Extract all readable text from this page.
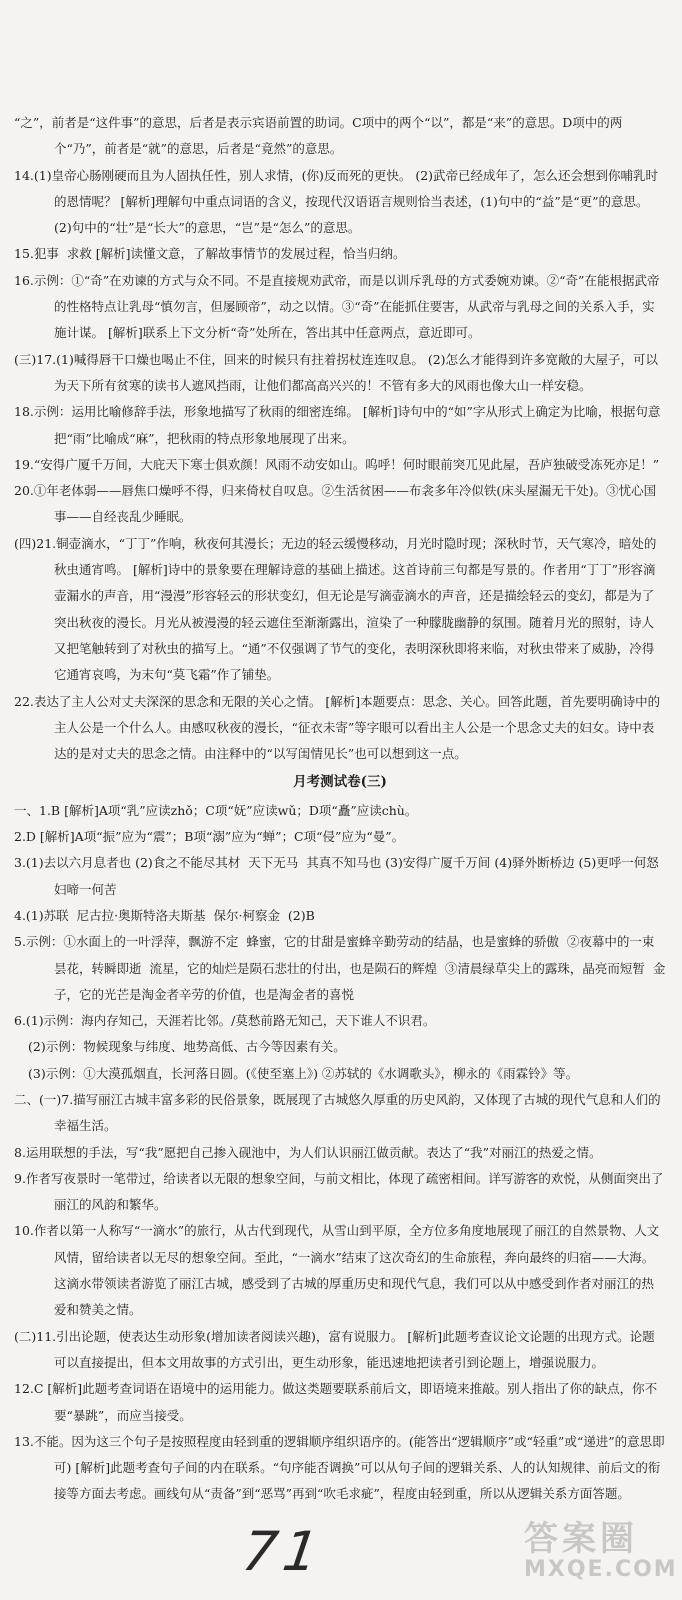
“之”，前者是“这件事”的意思，后者是表示宾语前置的助词。C项中的两个“以”，都是“来”的意思。D项中的两个“乃”，前者是“就”的意思，后者是“竟然”的意思。

14.(1)皇帝心肠刚硬而且为人固执任性，别人求情，(你)反而死的更快。 (2)武帝已经成年了，怎么还会想到你哺乳时的恩情呢？ [解析]理解句中重点词语的含义，按现代汉语语言规则恰当表述，(1)句中的“益”是“更”的意思。(2)句中的“壮”是“长大”的意思，“岂”是“怎么”的意思。

15.犯事  求救 [解析]读懂文意，了解故事情节的发展过程，恰当归纳。

16.示例：①“奇”在劝谏的方式与众不同。不是直接规劝武帝，而是以训斥乳母的方式委婉劝谏。②“奇”在能根据武帝的性格特点让乳母“慎勿言，但屡顾帝”，动之以情。③“奇”在能抓住要害，从武帝与乳母之间的关系入手，实施计谋。 [解析]联系上下文分析“奇”处所在，答出其中任意两点，意近即可。

(三)17.(1)喊得唇干口燥也喝止不住，回来的时候只有拄着拐杖连连叹息。 (2)怎么才能得到许多宽敞的大屋子，可以为天下所有贫寒的读书人遮风挡雨，让他们都高高兴兴的！不管有多大的风雨也像大山一样安稳。

18.示例：运用比喻修辞手法，形象地描写了秋雨的细密连绵。 [解析]诗句中的“如”字从形式上确定为比喻，根据句意把“雨”比喻成“麻”，把秋雨的特点形象地展现了出来。

19.“安得广厦千万间，大庇天下寒士俱欢颜！风雨不动安如山。呜呼！何时眼前突兀见此屋，吾庐独破受冻死亦足！”

20.①年老体弱——唇焦口燥呼不得，归来倚杖自叹息。②生活贫困——布衾多年冷似铁(床头屋漏无干处)。③忧心国事——自经丧乱少睡眠。

(四)21.铜壶滴水，“丁丁”作响，秋夜何其漫长；无边的轻云缓慢移动，月光时隐时现；深秋时节，天气寒冷，暗处的秋虫通宵鸣。 [解析]诗中的景象要在理解诗意的基础上描述。这首诗前三句都是写景的。作者用“丁丁”形容滴壶漏水的声音，用“漫漫”形容轻云的形状变幻，但无论是写滴壶滴水的声音，还是描绘轻云的变幻，都是为了突出秋夜的漫长。月光从被漫漫的轻云遮住至渐渐露出，渲染了一种朦胧幽静的氛围。随着月光的照射，诗人又把笔触转到了对秋虫的描写上。“通”不仅强调了节气的变化，表明深秋即将来临，对秋虫带来了威胁，冷得它通宵哀鸣，为末句“莫飞霜”作了铺垫。

22.表达了主人公对丈夫深深的思念和无限的关心之情。 [解析]本题要点：思念、关心。回答此题，首先要明确诗中的主人公是一个什么人。由感叹秋夜的漫长，“征衣未寄”等字眼可以看出主人公是一个思念丈夫的妇女。诗中表达的是对丈夫的思念之情。由注释中的“以写闺情见长”也可以想到这一点。

月考测试卷(三)

一、1.B [解析]A项“乳”应读zhǒ；C项“妩”应读wǔ；D项“矗”应读chù。

2.D [解析]A项“振”应为“震”；B项“溺”应为“蝉”；C项“侵”应为“曼”。

3.(1)去以六月息者也 (2)食之不能尽其材  天下无马  其真不知马也 (3)安得广厦千万间 (4)驿外断桥边 (5)更呼一何怒  妇啼一何苦

4.(1)苏联  尼古拉·奥斯特洛夫斯基  保尔·柯察金  (2)B

5.示例：①水面上的一叶浮萍，飘游不定  蜂蜜，它的甘甜是蜜蜂辛勤劳动的结晶，也是蜜蜂的骄傲  ②夜幕中的一束昙花，转瞬即逝  流星，它的灿烂是陨石悲壮的付出，也是陨石的辉煌  ③清晨绿草尖上的露珠，晶亮而短暂  金子，它的光芒是淘金者辛劳的价值，也是淘金者的喜悦

6.(1)示例：海内存知己，天涯若比邻。/莫愁前路无知己，天下谁人不识君。

(2)示例：物候现象与纬度、地势高低、古今等因素有关。

(3)示例：①大漠孤烟直，长河落日圆。(《使至塞上》) ②苏轼的《水调歌头》，柳永的《雨霖铃》等。

二、(一)7.描写丽江古城丰富多彩的民俗景象，既展现了古城悠久厚重的历史风韵，又体现了古城的现代气息和人们的幸福生活。

8.运用联想的手法，写“我”愿把自己掺入砚池中，为人们认识丽江做贡献。表达了“我”对丽江的热爱之情。

9.作者写夜景时一笔带过，给读者以无限的想象空间，与前文相比，体现了疏密相间。详写游客的欢悦，从侧面突出了丽江的风韵和繁华。

10.作者以第一人称写“一滴水”的旅行，从古代到现代，从雪山到平原，全方位多角度地展现了丽江的自然景物、人文风情，留给读者以无尽的想象空间。至此，“一滴水”结束了这次奇幻的生命旅程，奔向最终的归宿——大海。这滴水带领读者游览了丽江古城，感受到了古城的厚重历史和现代气息，我们可以从中感受到作者对丽江的热爱和赞美之情。

(二)11.引出论题，使表达生动形象(增加读者阅读兴趣)，富有说服力。 [解析]此题考查议论文论题的出现方式。论题可以直接提出，但本文用故事的方式引出，更生动形象，能迅速地把读者引到论题上，增强说服力。

12.C [解析]此题考查词语在语境中的运用能力。做这类题要联系前后文，即语境来推敲。别人指出了你的缺点，你不要“暴跳”，而应当接受。

13.不能。因为这三个句子是按照程度由轻到重的逻辑顺序组织语序的。(能答出“逻辑顺序”或“轻重”或“递进”的意思即可) [解析]此题考查句子间的内在联系。“句序能否调换”可以从句子间的逻辑关系、人的认知规律、前后文的衔接等方面去考虑。画线句从“责备”到“恶骂”再到“吹毛求疵”，程度由轻到重，所以从逻辑关系方面答题。

71	答案圈
MXQE.COM
